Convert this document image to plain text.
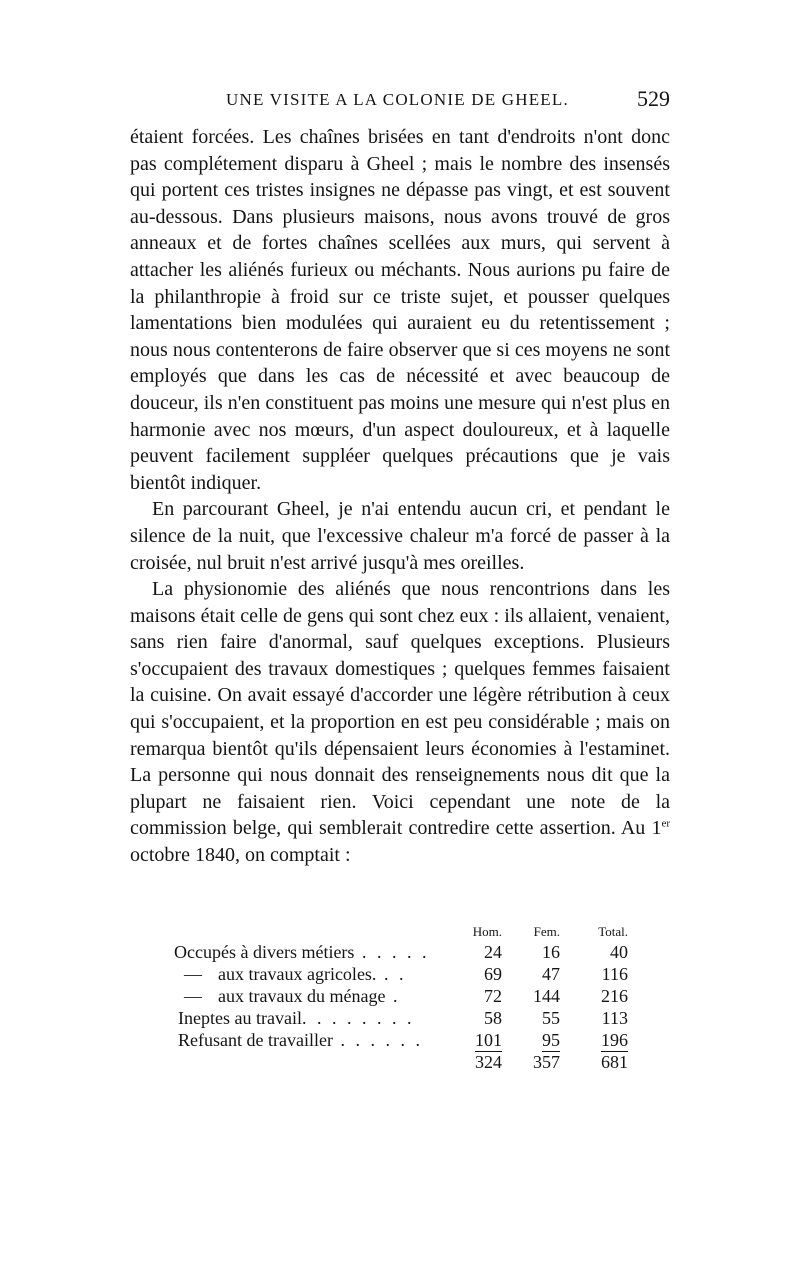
UNE VISITE A LA COLONIE DE GHEEL.	529

étaient forcées. Les chaînes brisées en tant d'endroits n'ont donc pas complétement disparu à Gheel ; mais le nombre des insensés qui portent ces tristes insignes ne dépasse pas vingt, et est souvent au-dessous. Dans plusieurs maisons, nous avons trouvé de gros anneaux et de fortes chaînes scellées aux murs, qui servent à attacher les aliénés furieux ou méchants. Nous aurions pu faire de la philanthropie à froid sur ce triste sujet, et pousser quelques lamentations bien modulées qui auraient eu du retentissement ; nous nous contenterons de faire observer que si ces moyens ne sont employés que dans les cas de nécessité et avec beaucoup de douceur, ils n'en constituent pas moins une mesure qui n'est plus en harmonie avec nos mœurs, d'un aspect douloureux, et à laquelle peuvent facilement suppléer quelques précautions que je vais bientôt indiquer.

En parcourant Gheel, je n'ai entendu aucun cri, et pendant le silence de la nuit, que l'excessive chaleur m'a forcé de passer à la croisée, nul bruit n'est arrivé jusqu'à mes oreilles.

La physionomie des aliénés que nous rencontrions dans les maisons était celle de gens qui sont chez eux : ils allaient, venaient, sans rien faire d'anormal, sauf quelques exceptions. Plusieurs s'occupaient des travaux domestiques ; quelques femmes faisaient la cuisine. On avait essayé d'accorder une légère rétribution à ceux qui s'occupaient, et la proportion en est peu considérable ; mais on remarqua bientôt qu'ils dépensaient leurs économies à l'estaminet. La personne qui nous donnait des renseignements nous dit que la plupart ne faisaient rien. Voici cependant une note de la commission belge, qui semblerait contredire cette assertion. Au 1er octobre 1840, on comptait :

Hom. Fem.	Total.
Occupés à divers métiers . . . . .	24 16	40
— aux travaux agricoles. . .	69 47 116
— aux travaux du ménage .	72 144 216
Ineptes au travail. . . . . . . .	58 55 113
Refusant de travailler . . . . . .	101 95 196
324 357 681
